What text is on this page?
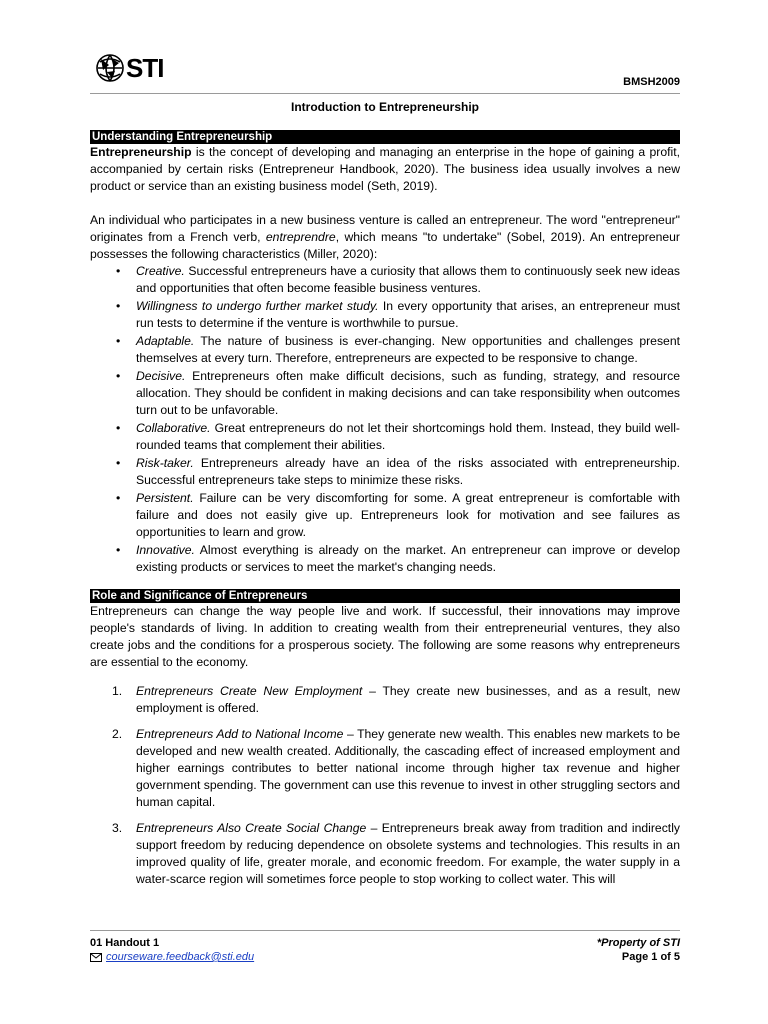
STI	BMSH2009
Introduction to Entrepreneurship
Understanding Entrepreneurship

Entrepreneurship is the concept of developing and managing an enterprise in the hope of gaining a profit, accompanied by certain risks (Entrepreneur Handbook, 2020). The business idea usually involves a new product or service than an existing business model (Seth, 2019).

An individual who participates in a new business venture is called an entrepreneur. The word "entrepreneur" originates from a French verb, entreprendre, which means "to undertake" (Sobel, 2019). An entrepreneur possesses the following characteristics (Miller, 2020):

• Creative. Successful entrepreneurs have a curiosity that allows them to continuously seek new ideas and opportunities that often become feasible business ventures.
• Willingness to undergo further market study. In every opportunity that arises, an entrepreneur must run tests to determine if the venture is worthwhile to pursue.
• Adaptable. The nature of business is ever-changing. New opportunities and challenges present themselves at every turn. Therefore, entrepreneurs are expected to be responsive to change.
• Decisive. Entrepreneurs often make difficult decisions, such as funding, strategy, and resource allocation. They should be confident in making decisions and can take responsibility when outcomes turn out to be unfavorable.
• Collaborative. Great entrepreneurs do not let their shortcomings hold them. Instead, they build well-rounded teams that complement their abilities.
• Risk-taker. Entrepreneurs already have an idea of the risks associated with entrepreneurship. Successful entrepreneurs take steps to minimize these risks.
• Persistent. Failure can be very discomforting for some. A great entrepreneur is comfortable with failure and does not easily give up. Entrepreneurs look for motivation and see failures as opportunities to learn and grow.
• Innovative. Almost everything is already on the market. An entrepreneur can improve or develop existing products or services to meet the market's changing needs.
Role and Significance of Entrepreneurs

Entrepreneurs can change the way people live and work. If successful, their innovations may improve people's standards of living. In addition to creating wealth from their entrepreneurial ventures, they also create jobs and the conditions for a prosperous society. The following are some reasons why entrepreneurs are essential to the economy.

1. Entrepreneurs Create New Employment – They create new businesses, and as a result, new employment is offered.
2. Entrepreneurs Add to National Income – They generate new wealth. This enables new markets to be developed and new wealth created. Additionally, the cascading effect of increased employment and higher earnings contributes to better national income through higher tax revenue and higher government spending. The government can use this revenue to invest in other struggling sectors and human capital.
3. Entrepreneurs Also Create Social Change – Entrepreneurs break away from tradition and indirectly support freedom by reducing dependence on obsolete systems and technologies. This results in an improved quality of life, greater morale, and economic freedom. For example, the water supply in a water-scarce region will sometimes force people to stop working to collect water. This will
01 Handout 1
courseware.feedback@sti.edu
*Property of STI
Page 1 of 5
